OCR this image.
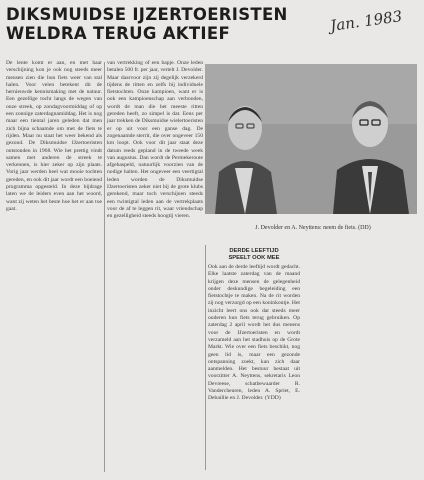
DIKSMUIDSE IJZERTOERISTEN
WELDRA TERUG AKTIEF	Jan. 1983

De lente komt er aan, en met haar verschijning kon je ook nog steeds meer mensen zien die hun fiets weer van stal halen. Voor velen betekent dit de hernieuwde kennismaking met de natuur. Een gezellige tocht langs de wegen van onze streek, op zondagvoormiddag of op een zonnige zaterdagnamiddag. Het is nog maar een tiental jaren geleden dat men zich bijna schaamde om met de fiets te rijden. Maar nu staat het weer bekend als gezond. De Diksmuidse IJzertoeristen ontstonden in 1968. Wie het prettig vindt samen met anderen de streek te verkennen, is hier zeker op zijn plaats. Vorig jaar werden heel wat mooie tochten gereden, en ook dit jaar wordt een boeiend programma opgesteld. In deze bijdrage laten we de leiders even aan het woord, want zij weten het beste hoe het er aan toe gaat.

van vertrekking of een bapje. Onze leden betalen 500 fr. per jaar, vertelt J. Devolder. Maar daarvoor zijn zij degelijk verzekerd tijdens de ritten en zelfs bij individuele fietstochten. Onze kampioen, want er is ook een kampioenschap aan verbonden, wordt de man die het meeste ritten gereden heeft, zo simpel is dat. Eens per jaar trekken de Diksmuidse wielertoeristen er op uit voor een ganse dag. De zogenaamde sterrit, die over ongeveer 150 km loopt. Ook voor dit jaar staat deze datum reeds gepland in de tweede week van augustus. Dan wordt de Permekeroute afgehaspeld, natuurlijk voorzien van de nodige halten. Het ongeveer een veertigtal leden worden de Diksmuidse IJzertoeristen zeker niet bij de grote klubs gerekend, maar toch verschijnen steeds een twintigtal leden aan de vertrekplaats voor de af te leggen rit, waar vriendschap en gezelligheid steeds hoogtij vieren.

J. Devolder en A. Neyttens: neem de fiets. (DD)

DERDE LEEFTIJD
SPEELT OOK MEE

Ook aan de derde leeftijd wordt gedacht. Elke laatste zaterdag van de maand krijgen deze mensen de gelegenheid onder deskundige begeleiding een fietstochtje te maken. Na de rit worden zij nog verzorgd op een koninkontje. Het inzicht leert ons ook dat steeds meer ouderen hun fiets terug gebruiken. Op zaterdag 2 april wordt het dus menens voor de IJzertoeristen en wordt verzameld aan het stadhuis op de Grote Markt. Wie over een fiets beschikt, nog geen lid is, maar een gezonde ontspanning zoekt, kan zich daar aanmelden. Het bestuur bestaat uit voorzitter A. Neyttens, sekretaris Leon Devreese, schatbewaarder R. Vandercheuren, leden A. Spriet, E. Debaillie en J. Devolder. (YDD)
